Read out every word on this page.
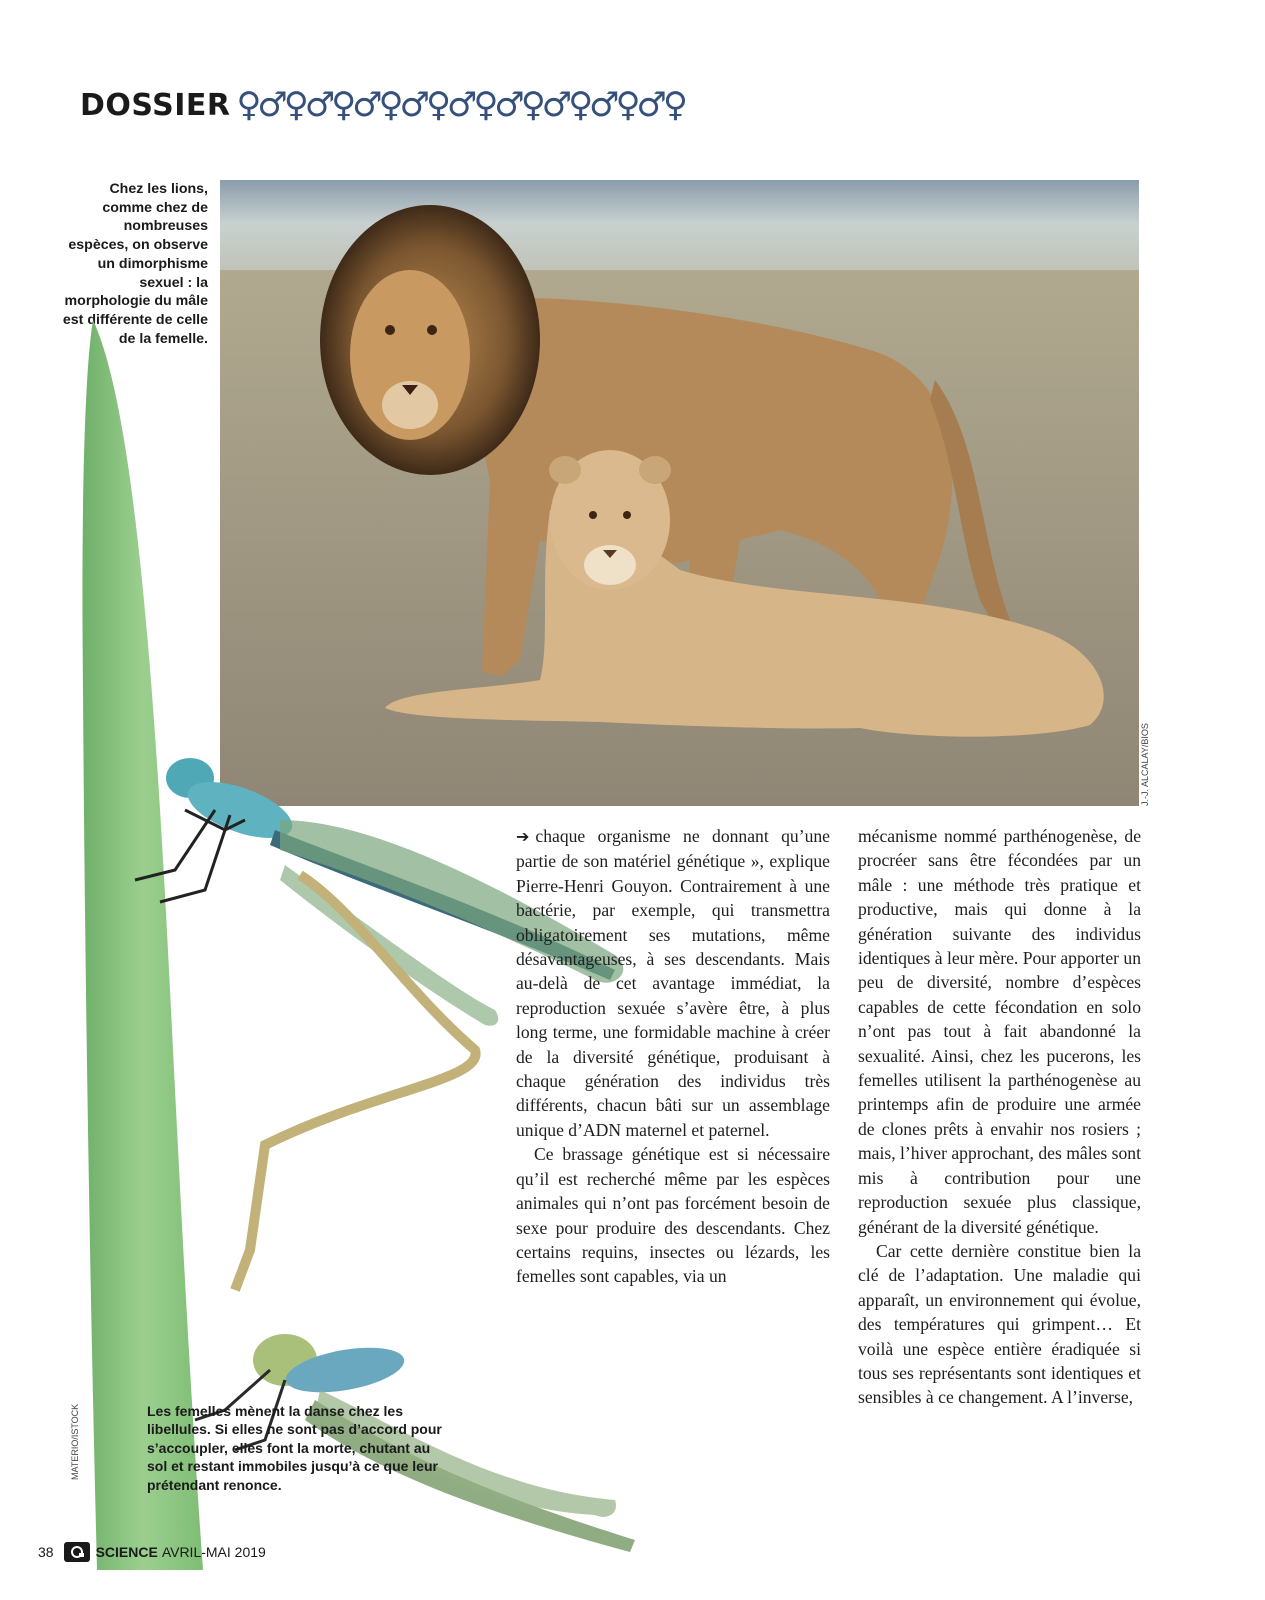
DOSSIER ♀♂♀♂♀♂♀♂♀♂♀♂♀♂♀♂♀♂♀
J.-J. ALCALAY/BIOS
Chez les lions, comme chez de nombreuses espèces, on observe un dimorphisme sexuel : la morphologie du mâle est différente de celle de la femelle.
MATERIO/ISTOCK	Les femelles mènent la danse chez les libellules. Si elles ne sont pas d’accord pour s’accoupler, elles font la morte, chutant au sol et restant immobiles jusqu’à ce que leur prétendant renonce.

➔ chaque organisme ne donnant qu’une partie de son matériel génétique », explique Pierre-Henri Gouyon. Contrairement à une bactérie, par exemple, qui transmettra obligatoirement ses mutations, même désavantageuses, à ses descendants. Mais au-delà de cet avantage immédiat, la reproduction sexuée s’avère être, à plus long terme, une formidable machine à créer de la diversité génétique, produisant à chaque génération des individus très différents, chacun bâti sur un assemblage unique d’ADN maternel et paternel.

Ce brassage génétique est si nécessaire qu’il est recherché même par les espèces animales qui n’ont pas forcément besoin de sexe pour produire des descendants. Chez certains requins, insectes ou lézards, les femelles sont capables, via un

mécanisme nommé parthénogenèse, de procréer sans être fécondées par un mâle : une méthode très pratique et productive, mais qui donne à la génération suivante des individus identiques à leur mère. Pour apporter un peu de diversité, nombre d’espèces capables de cette fécondation en solo n’ont pas tout à fait abandonné la sexualité. Ainsi, chez les pucerons, les femelles utilisent la parthénogenèse au printemps afin de produire une armée de clones prêts à envahir nos rosiers ; mais, l’hiver approchant, des mâles sont mis à contribution pour une reproduction sexuée plus classique, générant de la diversité génétique.

Car cette dernière constitue bien la clé de l’adaptation. Une maladie qui apparaît, un environnement qui évolue, des températures qui grimpent… Et voilà une espèce entière éradiquée si tous ses représentants sont identiques et sensibles à ce changement. A l’inverse,

38	SCIENCE AVRIL-MAI 2019
